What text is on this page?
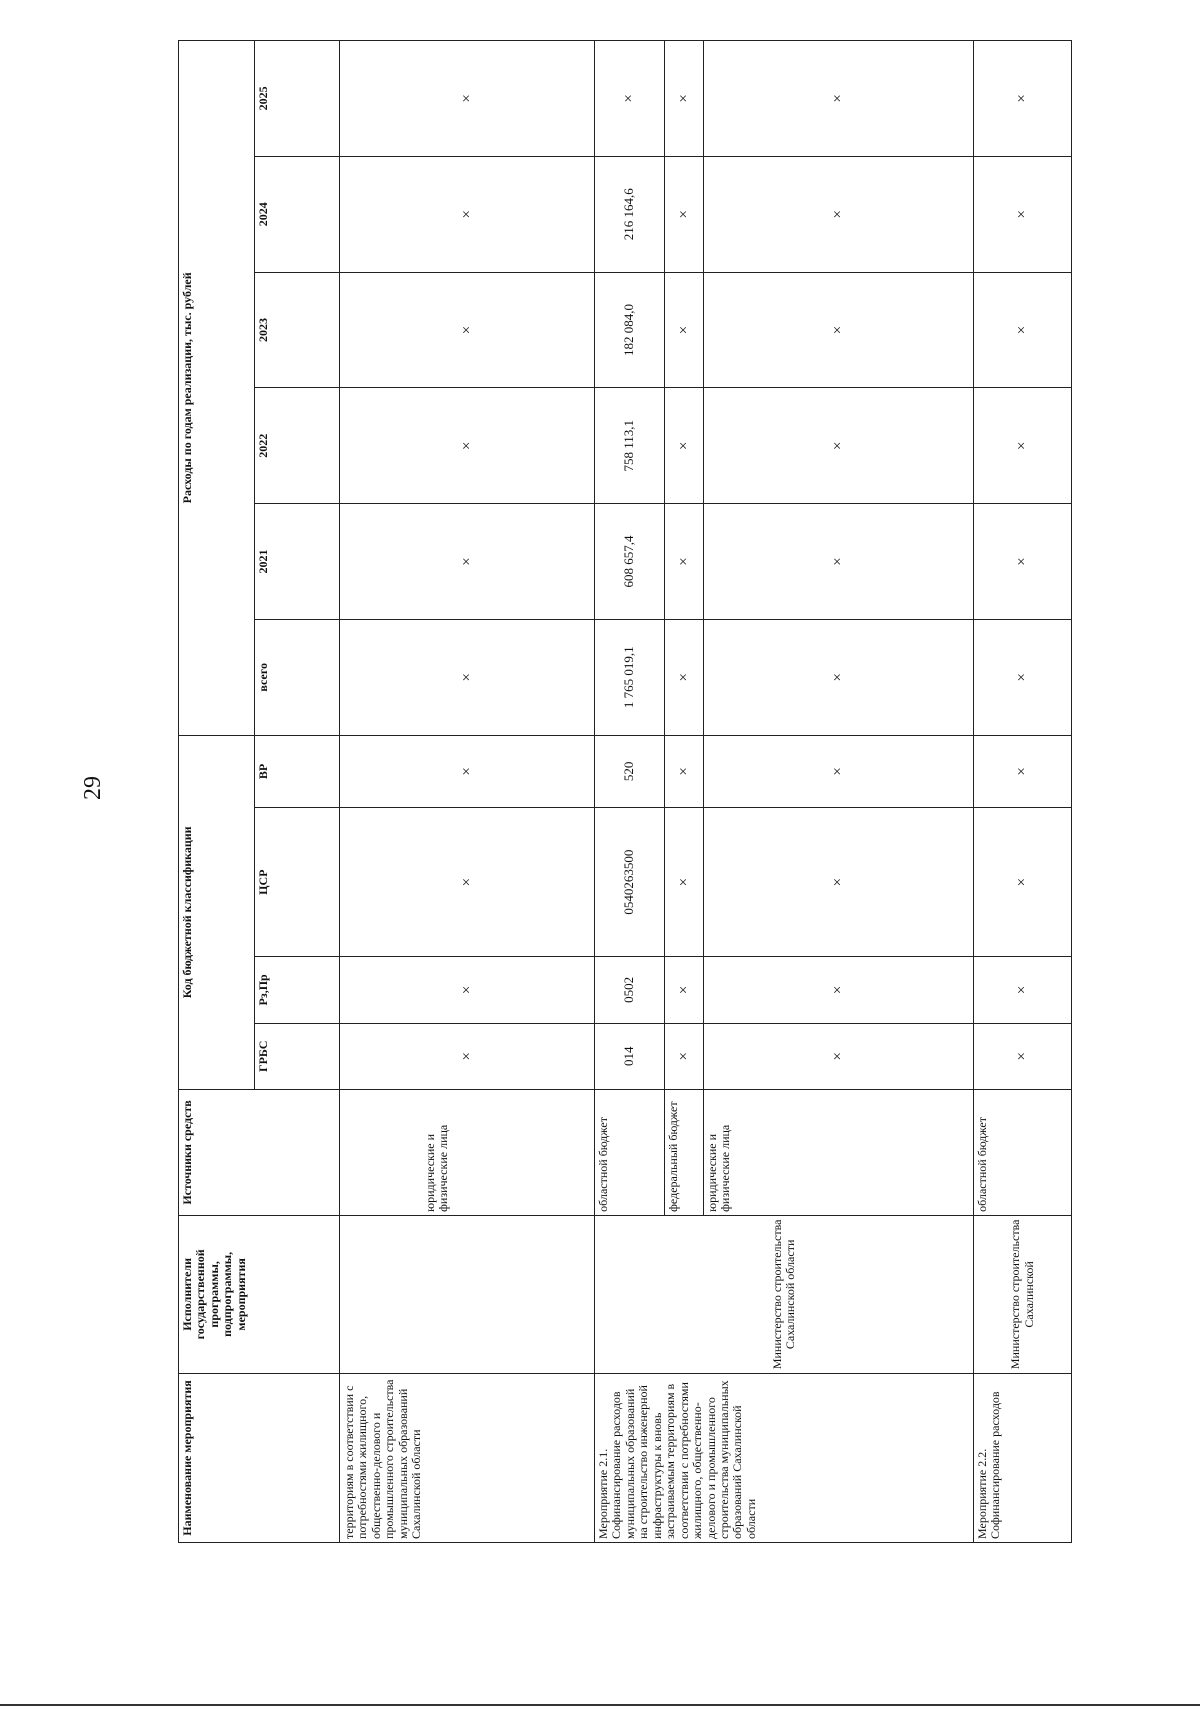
29
Наименование мероприятия	Исполнители государственной программы, подпрограммы, мероприятия	Источники средств	Код бюджетной классификации				Расходы по годам реализации, тыс. рублей					
			ГРБС	Рз,Пр	ЦСР	ВР	всего	2021	2022	2023	2024	2025

территориям в соответствии с потребностями жилищного, общественно-делового и промышленного строительства муниципальных образований Сахалинской области		юридические и физические лица	×	×	×	×	×	×	×	×	×	×
Мероприятие 2.1. Софинансирование расходов муниципальных образований на строительство инженерной инфраструктуры к вновь застраиваемым территориям в соответствии с потребностями жилищного, общественно-делового и промышленного строительства муниципальных образований Сахалинской области	Министерство строительства Сахалинской области	областной бюджет	014	0502	0540263500	520	1 765 019,1	608 657,4	758 113,1	182 084,0	216 164,6	×
		федеральный бюджет	×	×	×	×	×	×	×	×	×	×

		юридические и физические лица	×	×	×	×	×	×	×	×	×	×
Мероприятие 2.2. Софинансирование расходов	Министерство строительства Сахалинской	областной бюджет	×	×	×	×	×	×	×	×	×	×
